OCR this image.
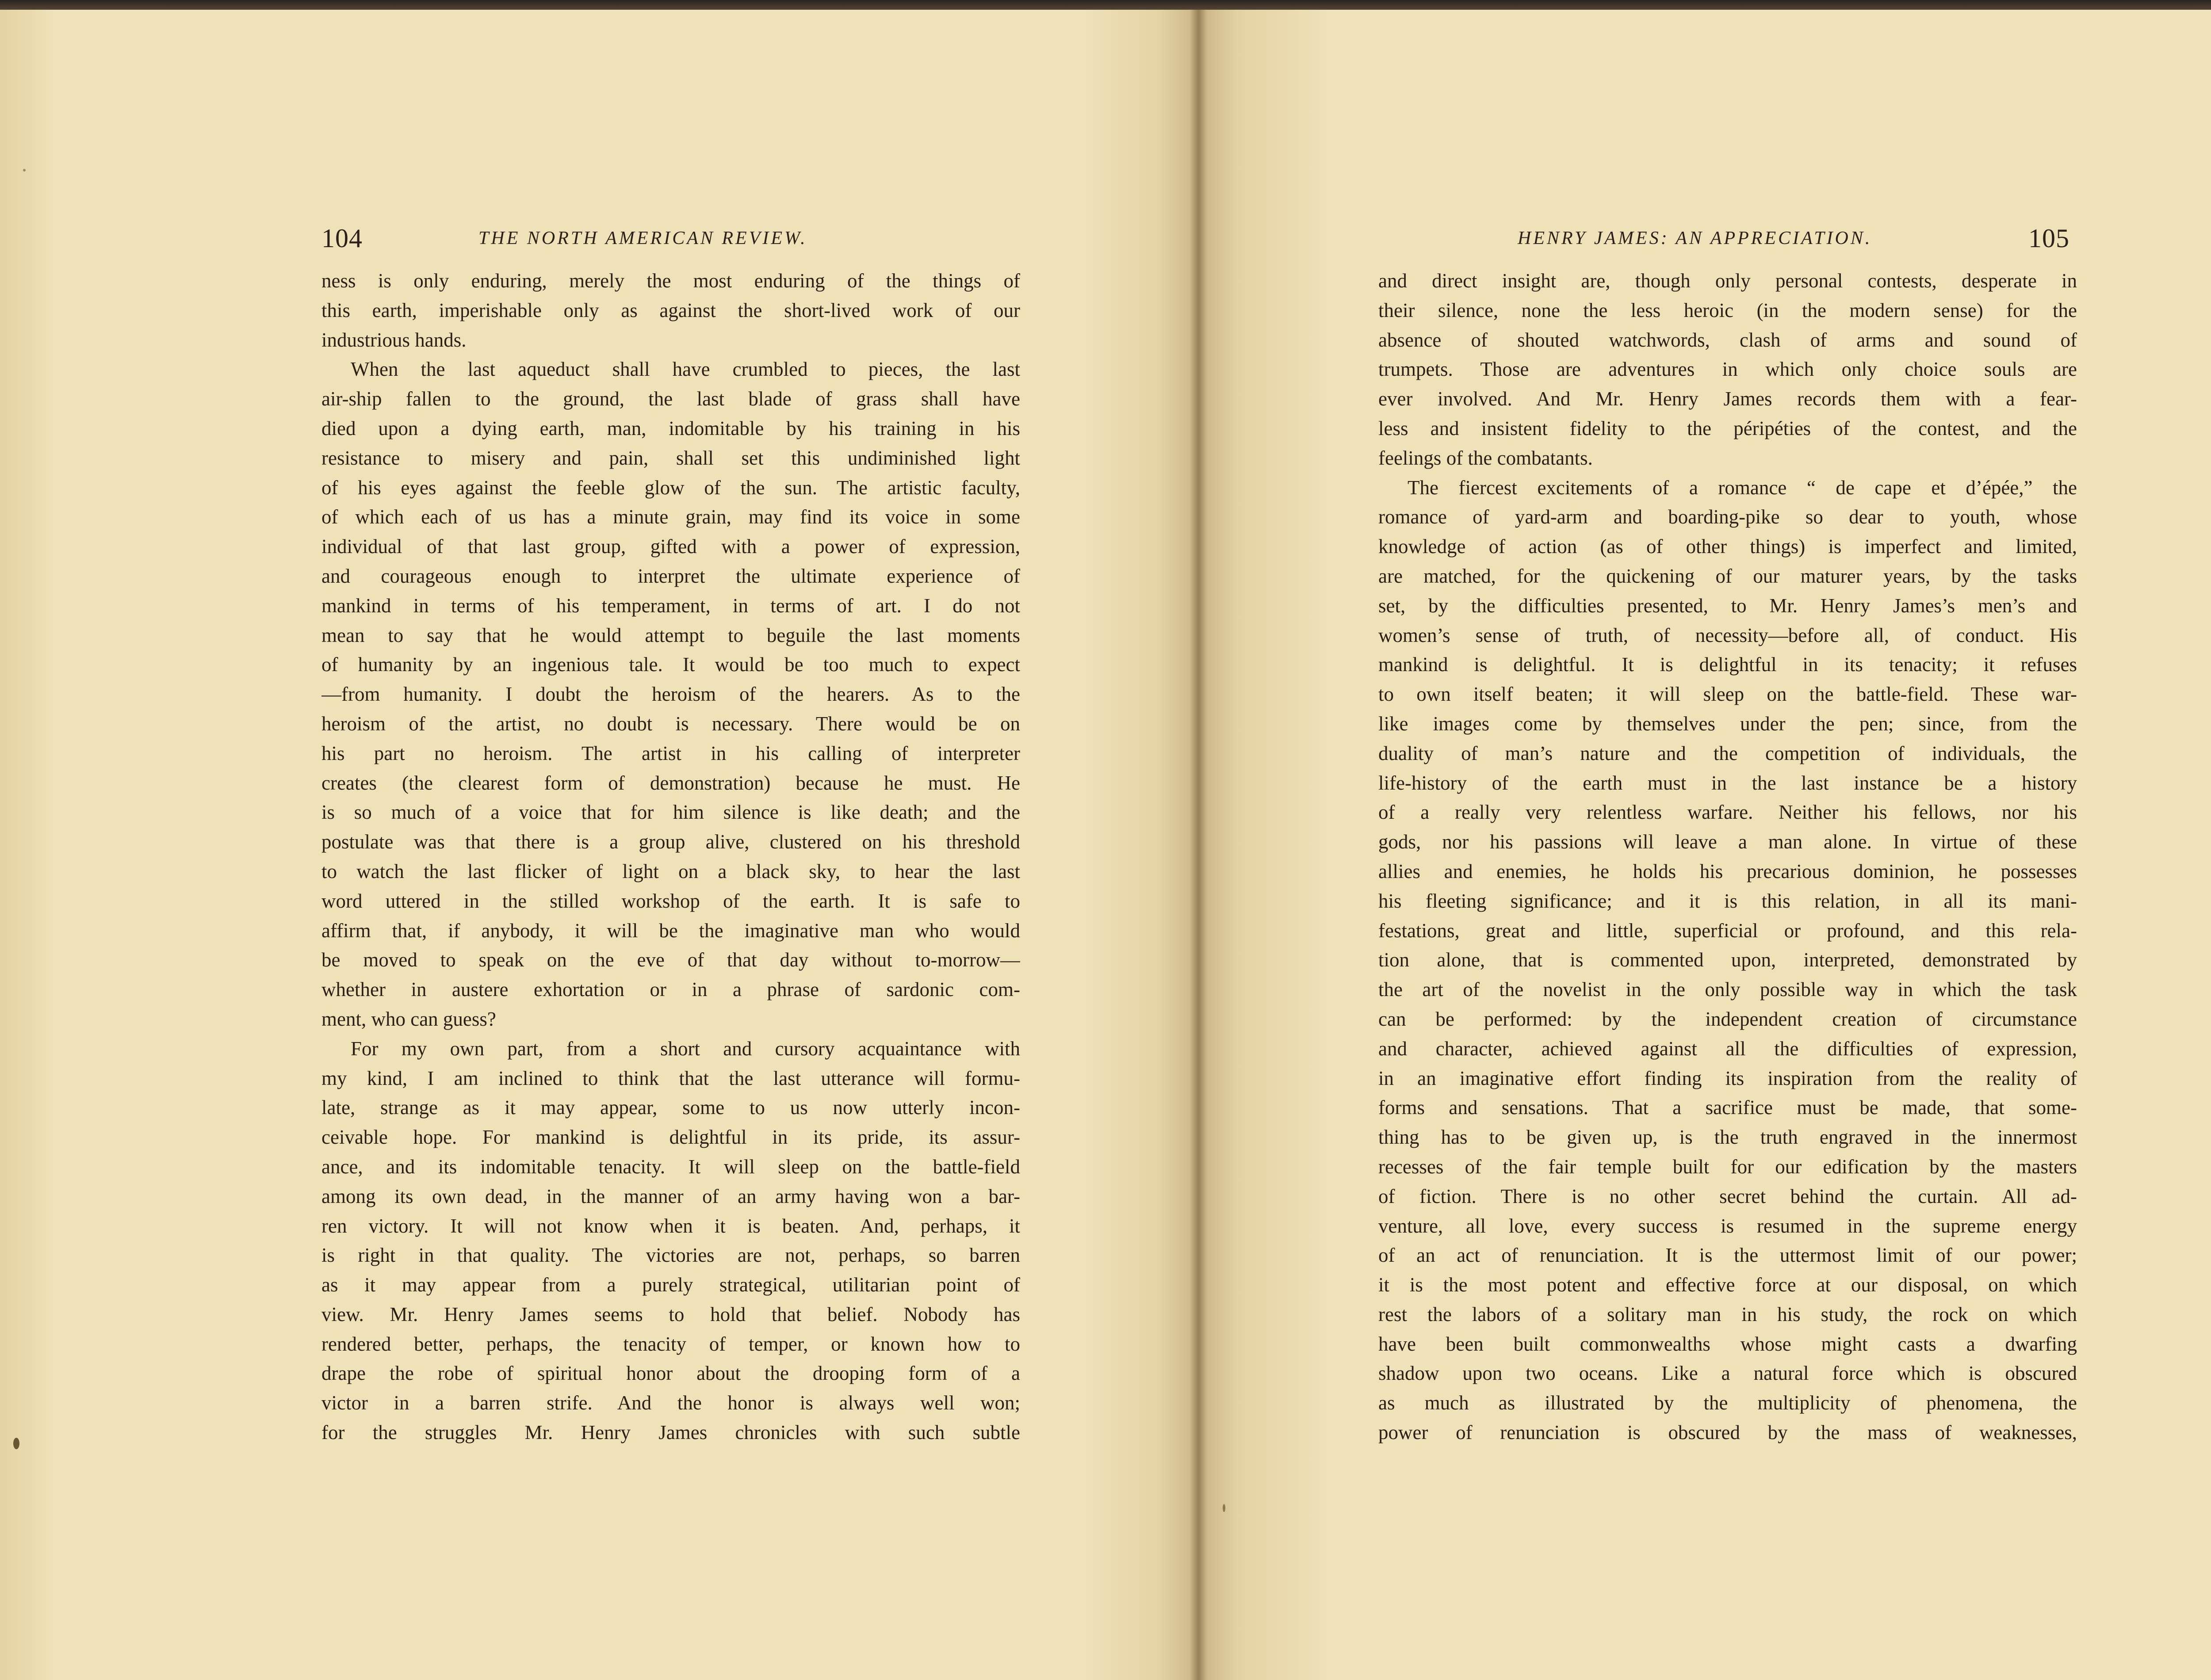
104	THE NORTH AMERICAN REVIEW.	HENRY JAMES: AN APPRECIATION.	105
ness is only enduring, merely the most enduring of the things of
this earth, imperishable only as against the short-lived work of our
industrious hands.
When the last aqueduct shall have crumbled to pieces, the last
air-ship fallen to the ground, the last blade of grass shall have
died upon a dying earth, man, indomitable by his training in his
resistance to misery and pain, shall set this undiminished light
of his eyes against the feeble glow of the sun. The artistic faculty,
of which each of us has a minute grain, may find its voice in some
individual of that last group, gifted with a power of expression,
and courageous enough to interpret the ultimate experience of
mankind in terms of his temperament, in terms of art. I do not
mean to say that he would attempt to beguile the last moments
of humanity by an ingenious tale. It would be too much to expect
—from humanity. I doubt the heroism of the hearers. As to the
heroism of the artist, no doubt is necessary. There would be on
his part no heroism. The artist in his calling of interpreter
creates (the clearest form of demonstration) because he must. He
is so much of a voice that for him silence is like death; and the
postulate was that there is a group alive, clustered on his threshold
to watch the last flicker of light on a black sky, to hear the last
word uttered in the stilled workshop of the earth. It is safe to
affirm that, if anybody, it will be the imaginative man who would
be moved to speak on the eve of that day without to-morrow—
whether in austere exhortation or in a phrase of sardonic com-
ment, who can guess?
For my own part, from a short and cursory acquaintance with
my kind, I am inclined to think that the last utterance will formu-
late, strange as it may appear, some to us now utterly incon-
ceivable hope. For mankind is delightful in its pride, its assur-
ance, and its indomitable tenacity. It will sleep on the battle-field
among its own dead, in the manner of an army having won a bar-
ren victory. It will not know when it is beaten. And, perhaps, it
is right in that quality. The victories are not, perhaps, so barren
as it may appear from a purely strategical, utilitarian point of
view. Mr. Henry James seems to hold that belief. Nobody has
rendered better, perhaps, the tenacity of temper, or known how to
drape the robe of spiritual honor about the drooping form of a
victor in a barren strife. And the honor is always well won;
for the struggles Mr. Henry James chronicles with such subtle
and direct insight are, though only personal contests, desperate in
their silence, none the less heroic (in the modern sense) for the
absence of shouted watchwords, clash of arms and sound of
trumpets. Those are adventures in which only choice souls are
ever involved. And Mr. Henry James records them with a fear-
less and insistent fidelity to the péripéties of the contest, and the
feelings of the combatants.
The fiercest excitements of a romance “ de cape et d’épée,” the
romance of yard-arm and boarding-pike so dear to youth, whose
knowledge of action (as of other things) is imperfect and limited,
are matched, for the quickening of our maturer years, by the tasks
set, by the difficulties presented, to Mr. Henry James’s men’s and
women’s sense of truth, of necessity—before all, of conduct. His
mankind is delightful. It is delightful in its tenacity; it refuses
to own itself beaten; it will sleep on the battle-field. These war-
like images come by themselves under the pen; since, from the
duality of man’s nature and the competition of individuals, the
life-history of the earth must in the last instance be a history
of a really very relentless warfare. Neither his fellows, nor his
gods, nor his passions will leave a man alone. In virtue of these
allies and enemies, he holds his precarious dominion, he possesses
his fleeting significance; and it is this relation, in all its mani-
festations, great and little, superficial or profound, and this rela-
tion alone, that is commented upon, interpreted, demonstrated by
the art of the novelist in the only possible way in which the task
can be performed: by the independent creation of circumstance
and character, achieved against all the difficulties of expression,
in an imaginative effort finding its inspiration from the reality of
forms and sensations. That a sacrifice must be made, that some-
thing has to be given up, is the truth engraved in the innermost
recesses of the fair temple built for our edification by the masters
of fiction. There is no other secret behind the curtain. All ad-
venture, all love, every success is resumed in the supreme energy
of an act of renunciation. It is the uttermost limit of our power;
it is the most potent and effective force at our disposal, on which
rest the labors of a solitary man in his study, the rock on which
have been built commonwealths whose might casts a dwarfing
shadow upon two oceans. Like a natural force which is obscured
as much as illustrated by the multiplicity of phenomena, the
power of renunciation is obscured by the mass of weaknesses,
